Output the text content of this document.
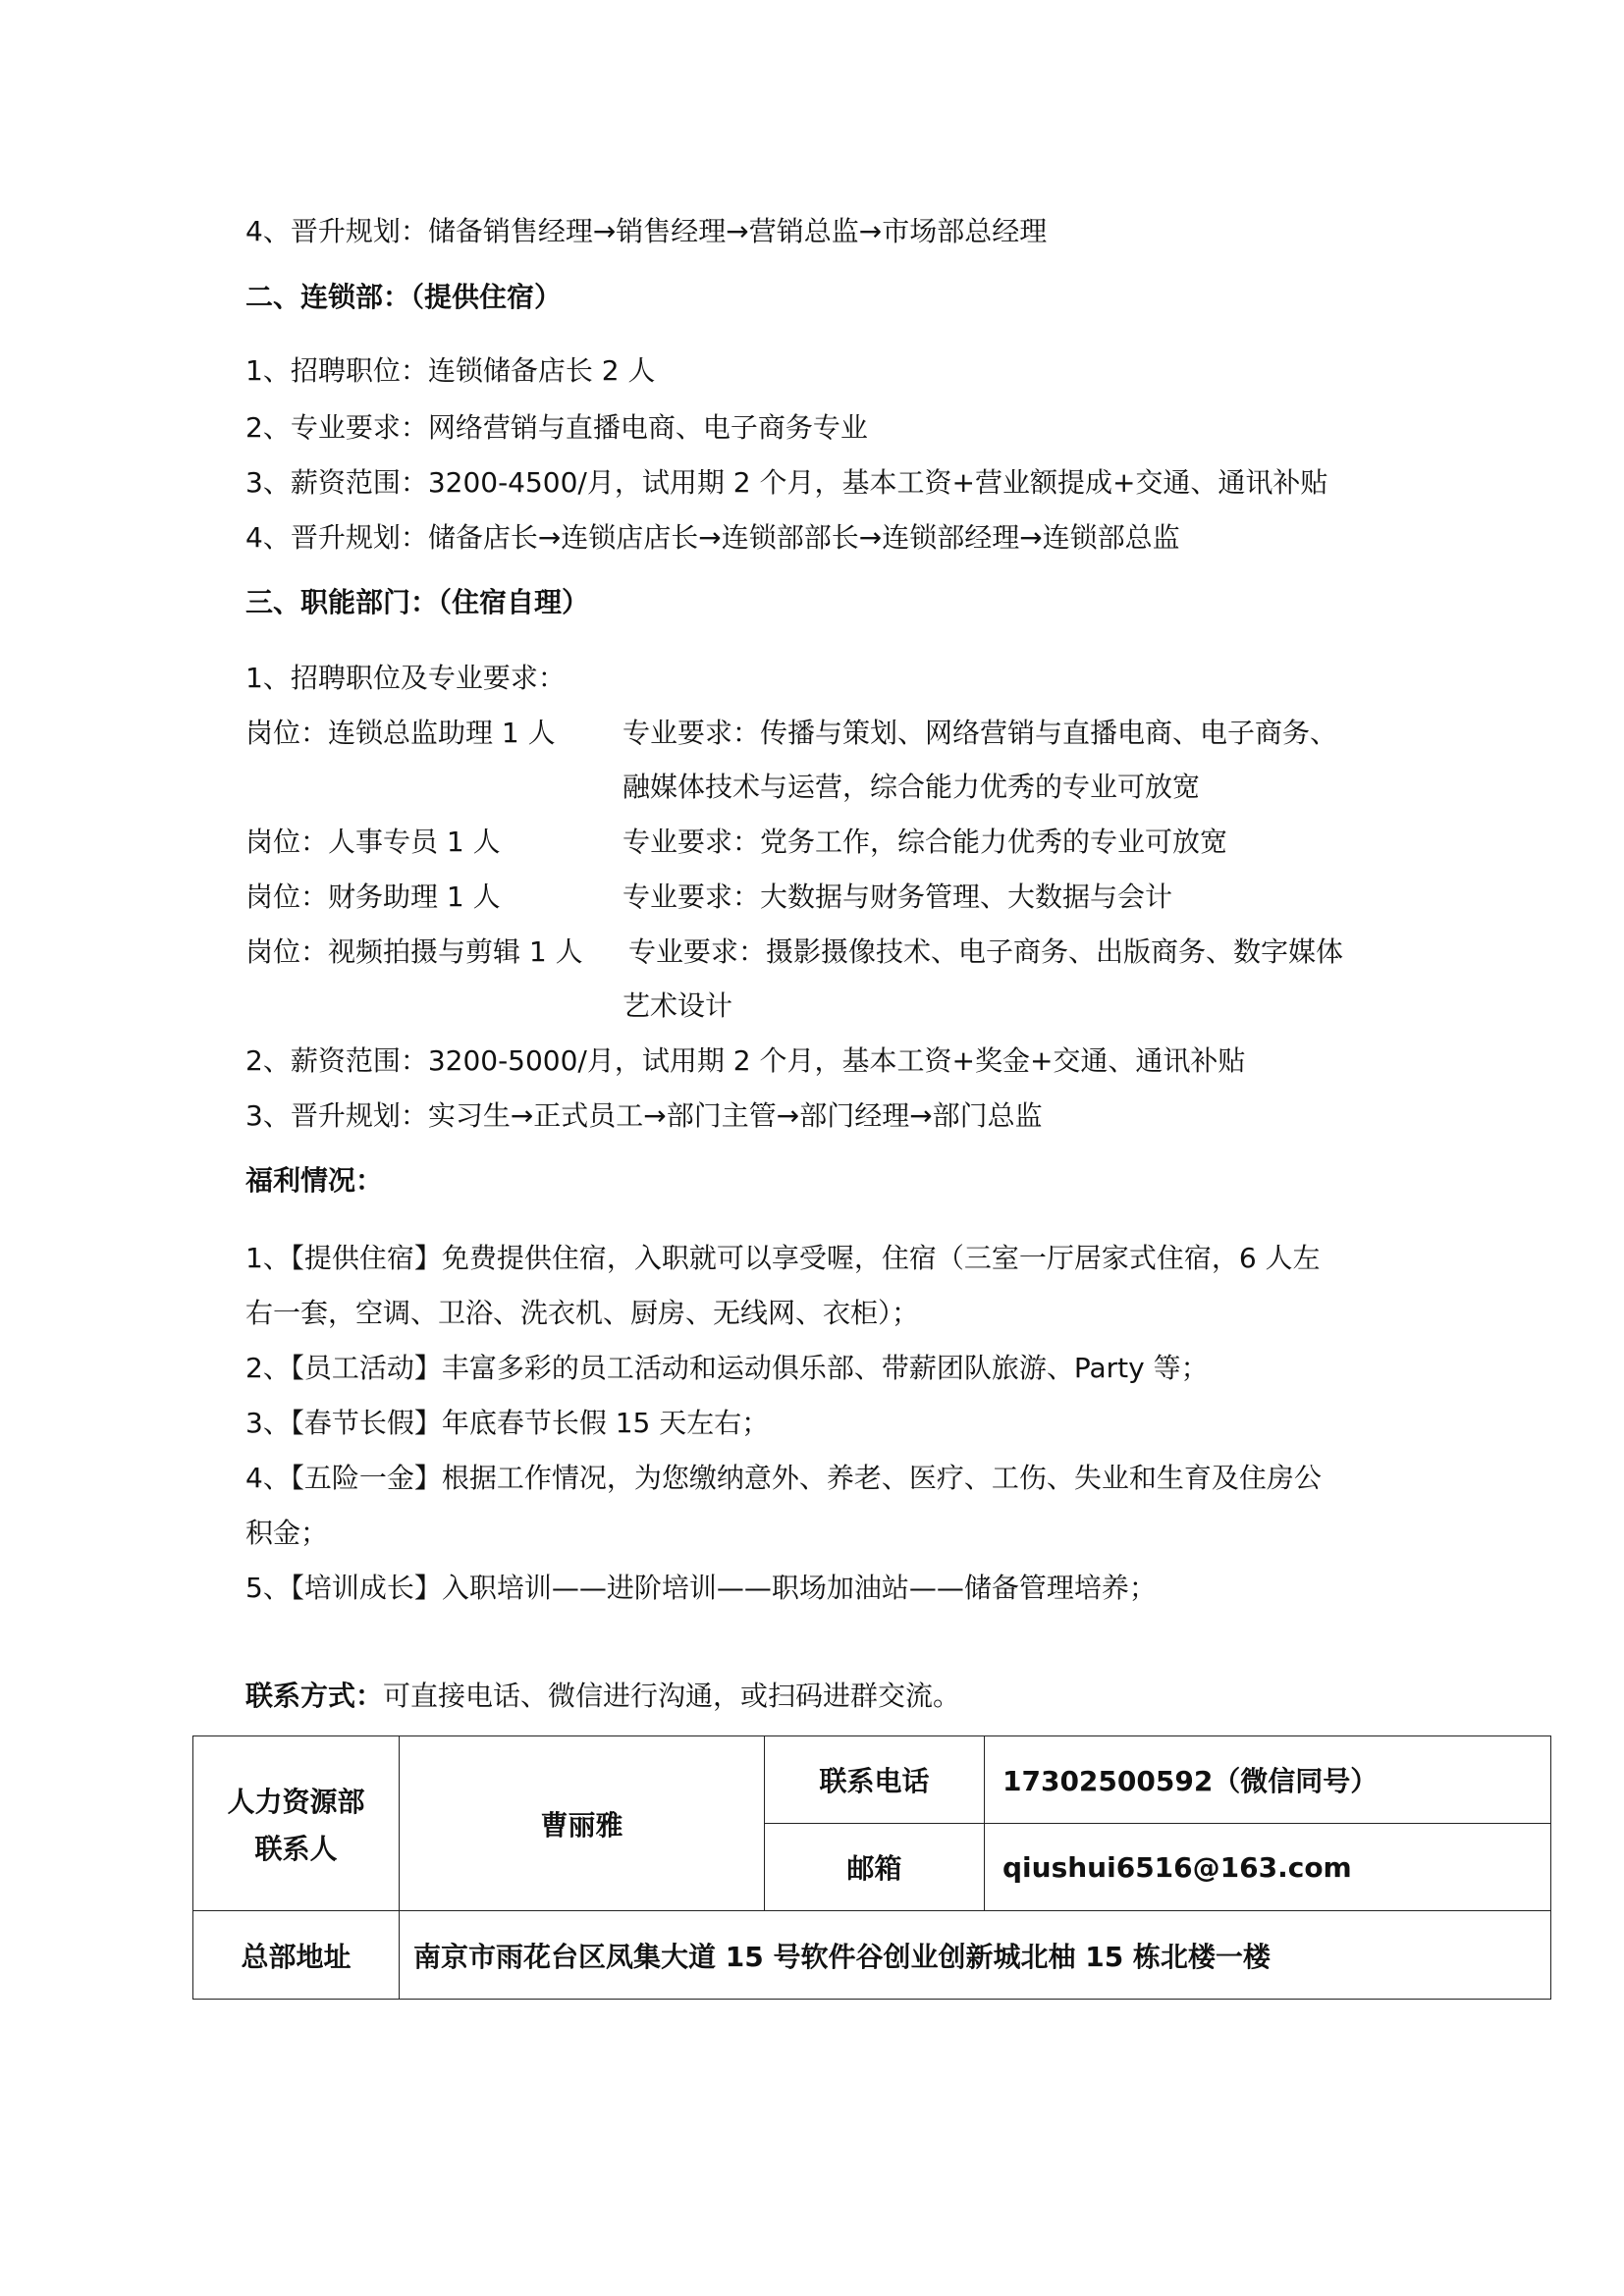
4、晋升规划：储备销售经理→销售经理→营销总监→市场部总经理
二、连锁部：（提供住宿）
1、招聘职位：连锁储备店长 2 人
2、专业要求：网络营销与直播电商、电子商务专业
3、薪资范围：3200-4500/月，试用期 2 个月，基本工资+营业额提成+交通、通讯补贴
4、晋升规划：储备店长→连锁店店长→连锁部部长→连锁部经理→连锁部总监
三、职能部门：（住宿自理）
1、招聘职位及专业要求：
岗位：连锁总监助理 1 人 专业要求：传播与策划、网络营销与直播电商、电子商务、
融媒体技术与运营，综合能力优秀的专业可放宽
岗位：人事专员 1 人	专业要求：党务工作，综合能力优秀的专业可放宽
岗位：财务助理 1 人	专业要求：大数据与财务管理、大数据与会计
岗位：视频拍摄与剪辑 1 人 专业要求：摄影摄像技术、电子商务、出版商务、数字媒体
艺术设计
2、薪资范围：3200-5000/月，试用期 2 个月，基本工资+奖金+交通、通讯补贴
3、晋升规划：实习生→正式员工→部门主管→部门经理→部门总监
福利情况：
1、【提供住宿】免费提供住宿，入职就可以享受喔，住宿（三室一厅居家式住宿，6 人左
右一套，空调、卫浴、洗衣机、厨房、无线网、衣柜）；
2、【员工活动】丰富多彩的员工活动和运动俱乐部、带薪团队旅游、Party 等；
3、【春节长假】年底春节长假 15 天左右；
4、【五险一金】根据工作情况，为您缴纳意外、养老、医疗、工伤、失业和生育及住房公
积金；
5、【培训成长】入职培训——进阶培训——职场加油站——储备管理培养；
联系方式：可直接电话、微信进行沟通，或扫码进群交流。
人力资源部
联系人	曹丽雅	联系电话	17302500592（微信同号）
		邮箱	qiushui6516@163.com
总部地址	南京市雨花台区凤集大道 15 号软件谷创业创新城北柚 15 栋北楼一楼		
